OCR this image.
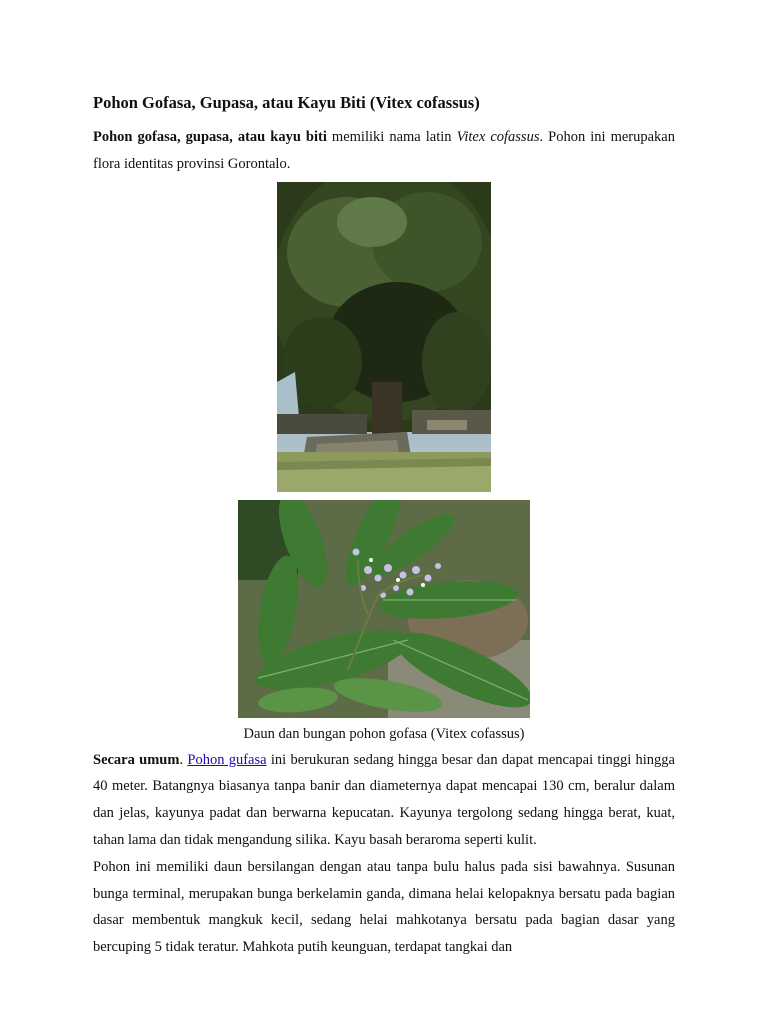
Pohon Gofasa, Gupasa, atau Kayu Biti (Vitex cofassus)

Pohon gofasa, gupasa, atau kayu biti memiliki nama latin Vitex cofassus. Pohon ini merupakan flora identitas provinsi Gorontalo.

Daun dan bungan pohon gofasa (Vitex cofassus)

Secara umum. Pohon gufasa ini berukuran sedang hingga besar dan dapat mencapai tinggi hingga 40 meter. Batangnya biasanya tanpa banir dan diameternya dapat mencapai 130 cm, beralur dalam dan jelas, kayunya padat dan berwarna kepucatan. Kayunya tergolong sedang hingga berat, kuat, tahan lama dan tidak mengandung silika. Kayu basah beraroma seperti kulit.

Pohon ini memiliki daun bersilangan dengan atau tanpa bulu halus pada sisi bawahnya. Susunan bunga terminal, merupakan bunga berkelamin ganda, dimana helai kelopaknya bersatu pada bagian dasar membentuk mangkuk kecil, sedang helai mahkotanya bersatu pada bagian dasar yang bercuping 5 tidak teratur. Mahkota putih keunguan, terdapat tangkai dan
